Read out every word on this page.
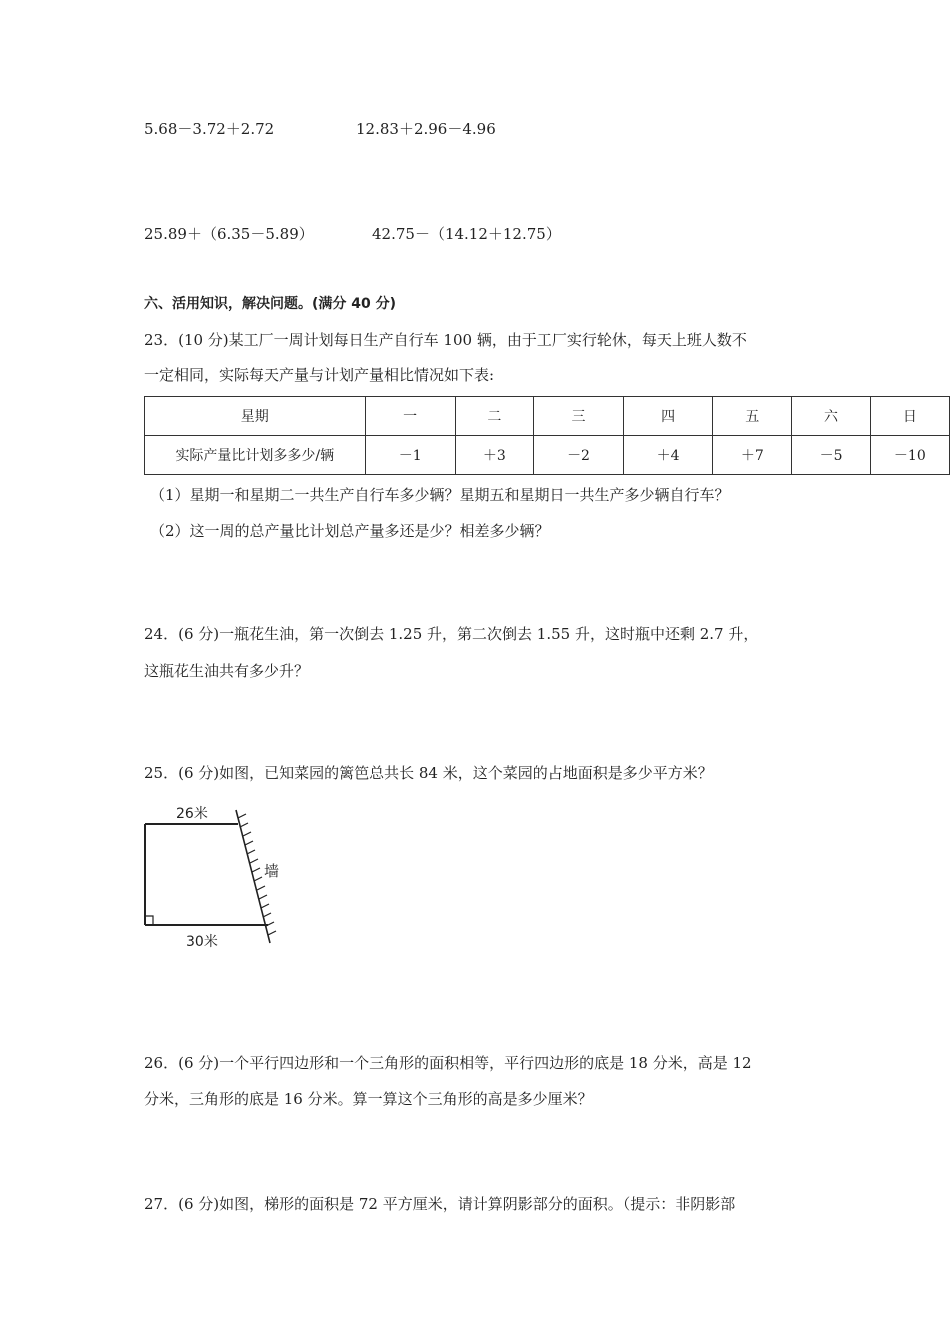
5.68－3.72＋2.72	12.83＋2.96－4.96
25.89＋（6.35－5.89）	42.75－（14.12＋12.75）
六、活用知识，解决问题。(满分 40 分)
23．(10 分)某工厂一周计划每日生产自行车 100 辆，由于工厂实行轮休，每天上班人数不
一定相同，实际每天产量与计划产量相比情况如下表:
星期	一	二	三	四	五	六	日
实际产量比计划多多少/辆	－1	＋3	－2	＋4	＋7	－5	－10
（1）星期一和星期二一共生产自行车多少辆？星期五和星期日一共生产多少辆自行车？
（2）这一周的总产量比计划总产量多还是少？相差多少辆？
24．(6 分)一瓶花生油，第一次倒去 1.25 升，第二次倒去 1.55 升，这时瓶中还剩 2.7 升，
这瓶花生油共有多少升？
25．(6 分)如图，已知菜园的篱笆总共长 84 米，这个菜园的占地面积是多少平方米？
26米
30米
墙
26．(6 分)一个平行四边形和一个三角形的面积相等，平行四边形的底是 18 分米，高是 12
分米，三角形的底是 16 分米。算一算这个三角形的高是多少厘米？
27．(6 分)如图，梯形的面积是 72 平方厘米，请计算阴影部分的面积。（提示：非阴影部
